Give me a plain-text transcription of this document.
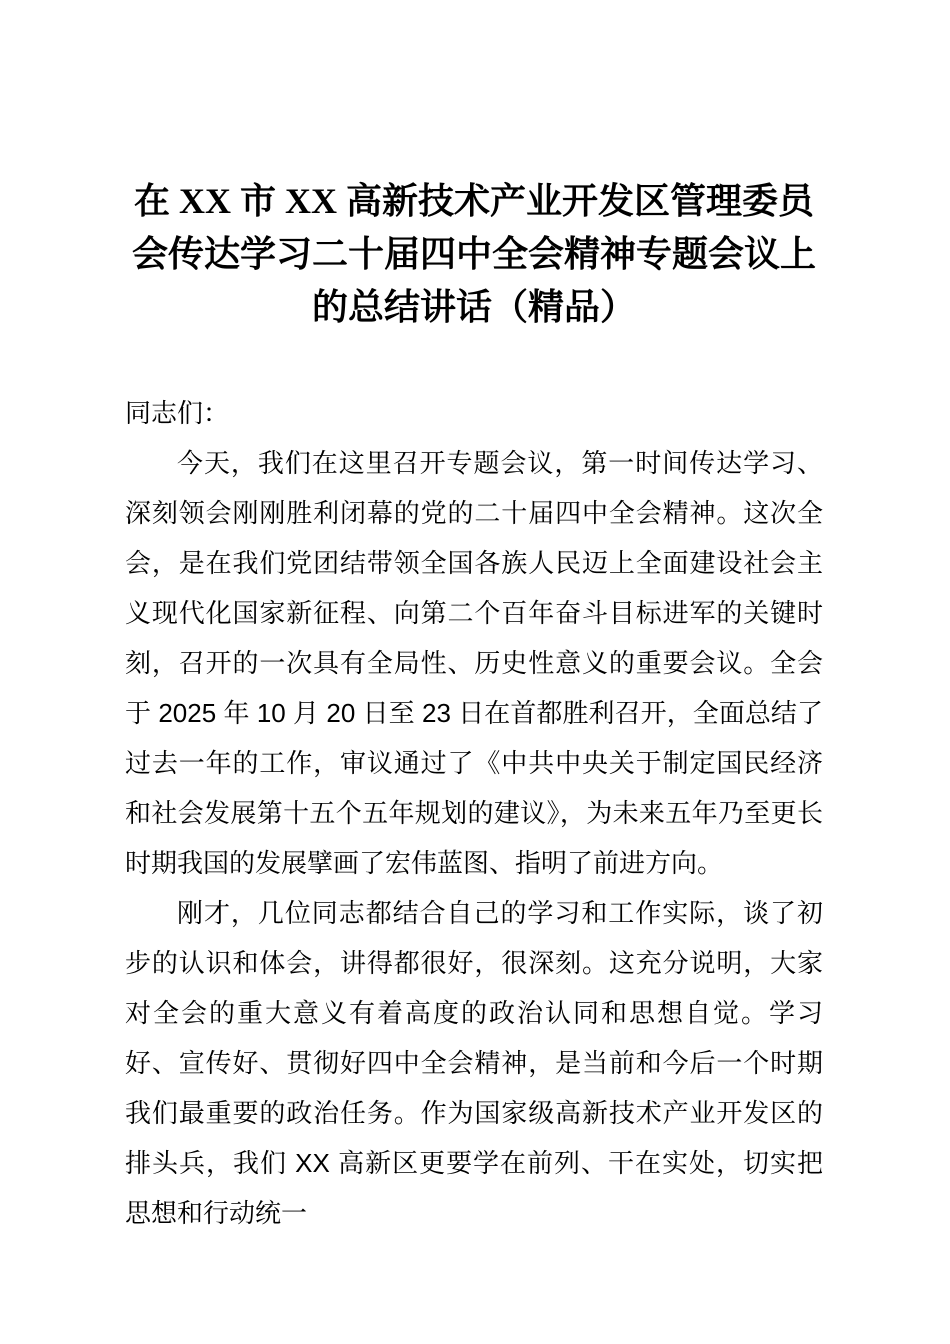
在 XX 市 XX 高新技术产业开发区管理委员会传达学习二十届四中全会精神专题会议上的总结讲话（精品）

同志们：

今天，我们在这里召开专题会议，第一时间传达学习、深刻领会刚刚胜利闭幕的党的二十届四中全会精神。这次全会，是在我们党团结带领全国各族人民迈上全面建设社会主义现代化国家新征程、向第二个百年奋斗目标进军的关键时刻，召开的一次具有全局性、历史性意义的重要会议。全会于 2025 年 10 月 20 日至 23 日在首都胜利召开，全面总结了过去一年的工作，审议通过了《中共中央关于制定国民经济和社会发展第十五个五年规划的建议》，为未来五年乃至更长时期我国的发展擘画了宏伟蓝图、指明了前进方向。

刚才，几位同志都结合自己的学习和工作实际，谈了初步的认识和体会，讲得都很好，很深刻。这充分说明，大家对全会的重大意义有着高度的政治认同和思想自觉。学习好、宣传好、贯彻好四中全会精神，是当前和今后一个时期我们最重要的政治任务。作为国家级高新技术产业开发区的排头兵，我们 XX 高新区更要学在前列、干在实处，切实把思想和行动统一
